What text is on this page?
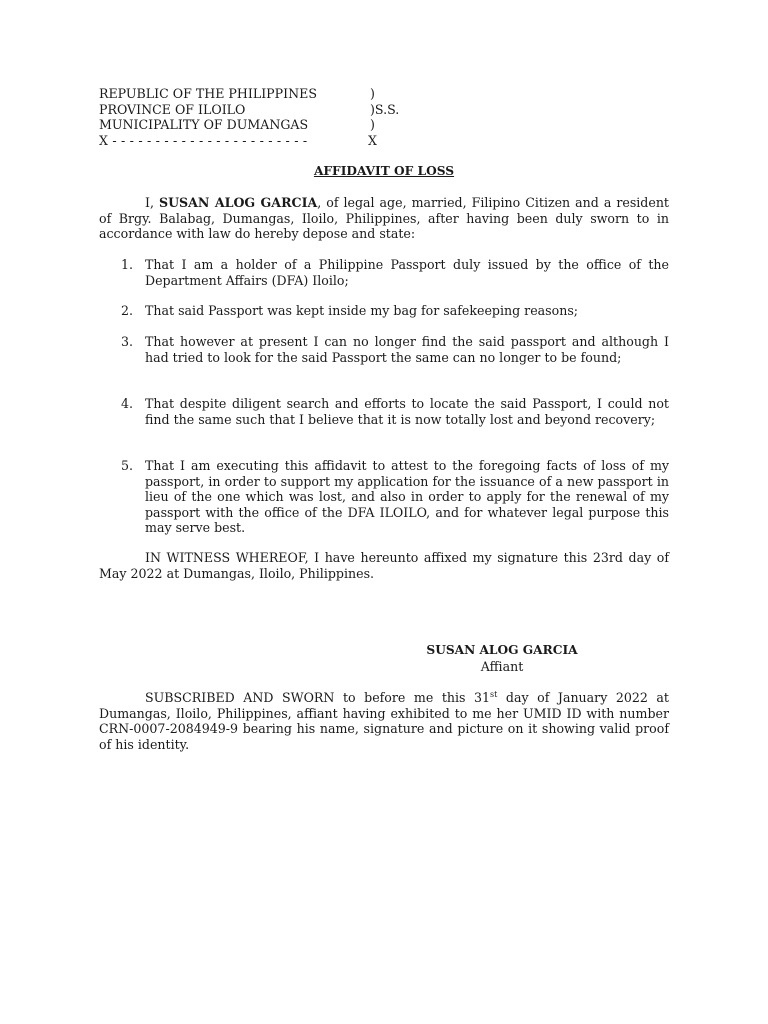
REPUBLIC OF THE PHILIPPINES	)
PROVINCE OF ILOILO	)S.S.
MUNICIPALITY OF DUMANGAS	)
X - - - - - - - - - - - - - - - - - - - - - - -	X
AFFIDAVIT OF LOSS
I, SUSAN ALOG GARCIA, of legal age, married, Filipino Citizen and a resident of Brgy. Balabag, Dumangas, Iloilo, Philippines, after having been duly sworn to in accordance with law do hereby depose and state:
1. That I am a holder of a Philippine Passport duly issued by the office of the Department Affairs (DFA) Iloilo;
2. That said Passport was kept inside my bag for safekeeping reasons;
3. That however at present I can no longer find the said passport and although I had tried to look for the said Passport the same can no longer to be found;
4. That despite diligent search and efforts to locate the said Passport, I could not find the same such that I believe that it is now totally lost and beyond recovery;
5. That I am executing this affidavit to attest to the foregoing facts of loss of my passport, in order to support my application for the issuance of a new passport in lieu of the one which was lost, and also in order to apply for the renewal of my passport with the office of the DFA ILOILO, and for whatever legal purpose this may serve best.
IN WITNESS WHEREOF, I have hereunto affixed my signature this 23rd day of May 2022 at Dumangas, Iloilo, Philippines.
SUSAN ALOG GARCIA
Affiant
SUBSCRIBED AND SWORN to before me this 31st day of January 2022 at Dumangas, Iloilo, Philippines, affiant having exhibited to me her UMID ID with number CRN-0007-2084949-9 bearing his name, signature and picture on it showing valid proof of his identity.
